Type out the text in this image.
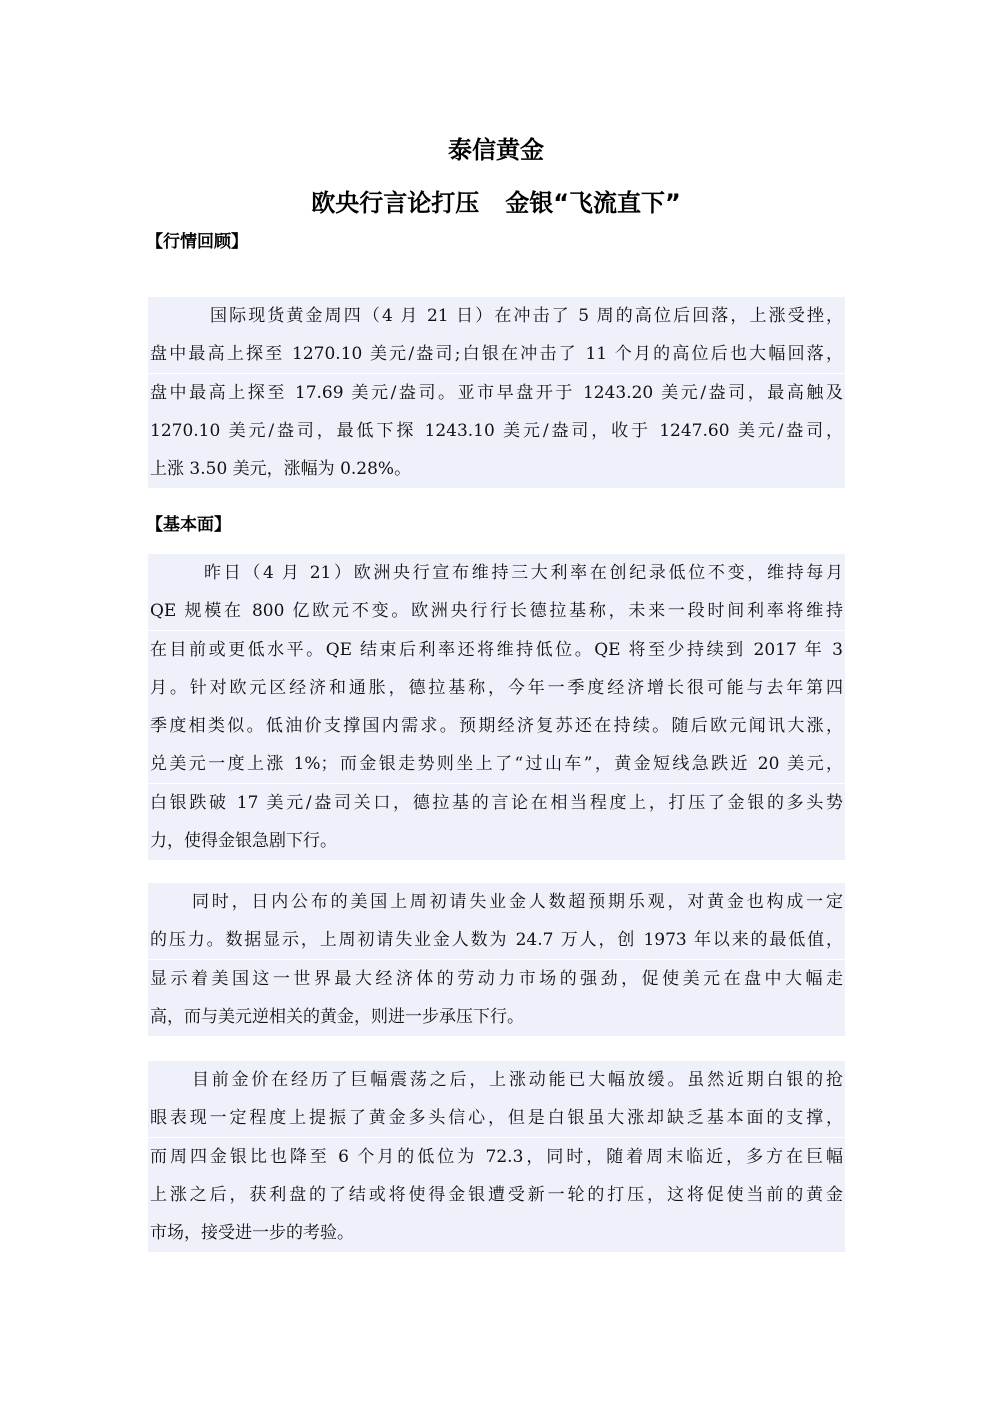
泰信黄金
欧央行言论打压 金银“飞流直下”
【行情回顾】
国际现货黄金周四（4 月 21 日）在冲击了 5 周的高位后回落，上涨受挫，
盘中最高上探至 1270.10 美元/盎司;白银在冲击了 11 个月的高位后也大幅回落，
盘中最高上探至 17.69 美元/盎司。亚市早盘开于 1243.20 美元/盎司，最高触及
1270.10 美元/盎司，最低下探 1243.10 美元/盎司，收于 1247.60 美元/盎司，
上涨 3.50 美元，涨幅为 0.28%。
【基本面】
昨日（4 月 21）欧洲央行宣布维持三大利率在创纪录低位不变，维持每月
QE 规模在 800 亿欧元不变。欧洲央行行长德拉基称，未来一段时间利率将维持
在目前或更低水平。QE 结束后利率还将维持低位。QE 将至少持续到 2017 年 3
月。针对欧元区经济和通胀，德拉基称，今年一季度经济增长很可能与去年第四
季度相类似。低油价支撑国内需求。预期经济复苏还在持续。随后欧元闻讯大涨，
兑美元一度上涨 1%；而金银走势则坐上了“过山车”，黄金短线急跌近 20 美元，
白银跌破 17 美元/盎司关口，德拉基的言论在相当程度上，打压了金银的多头势
力，使得金银急剧下行。
同时，日内公布的美国上周初请失业金人数超预期乐观，对黄金也构成一定
的压力。数据显示，上周初请失业金人数为 24.7 万人，创 1973 年以来的最低值，
显示着美国这一世界最大经济体的劳动力市场的强劲，促使美元在盘中大幅走
高，而与美元逆相关的黄金，则进一步承压下行。
目前金价在经历了巨幅震荡之后，上涨动能已大幅放缓。虽然近期白银的抢
眼表现一定程度上提振了黄金多头信心，但是白银虽大涨却缺乏基本面的支撑，
而周四金银比也降至 6 个月的低位为 72.3，同时，随着周末临近，多方在巨幅
上涨之后，获利盘的了结或将使得金银遭受新一轮的打压，这将促使当前的黄金
市场，接受进一步的考验。
